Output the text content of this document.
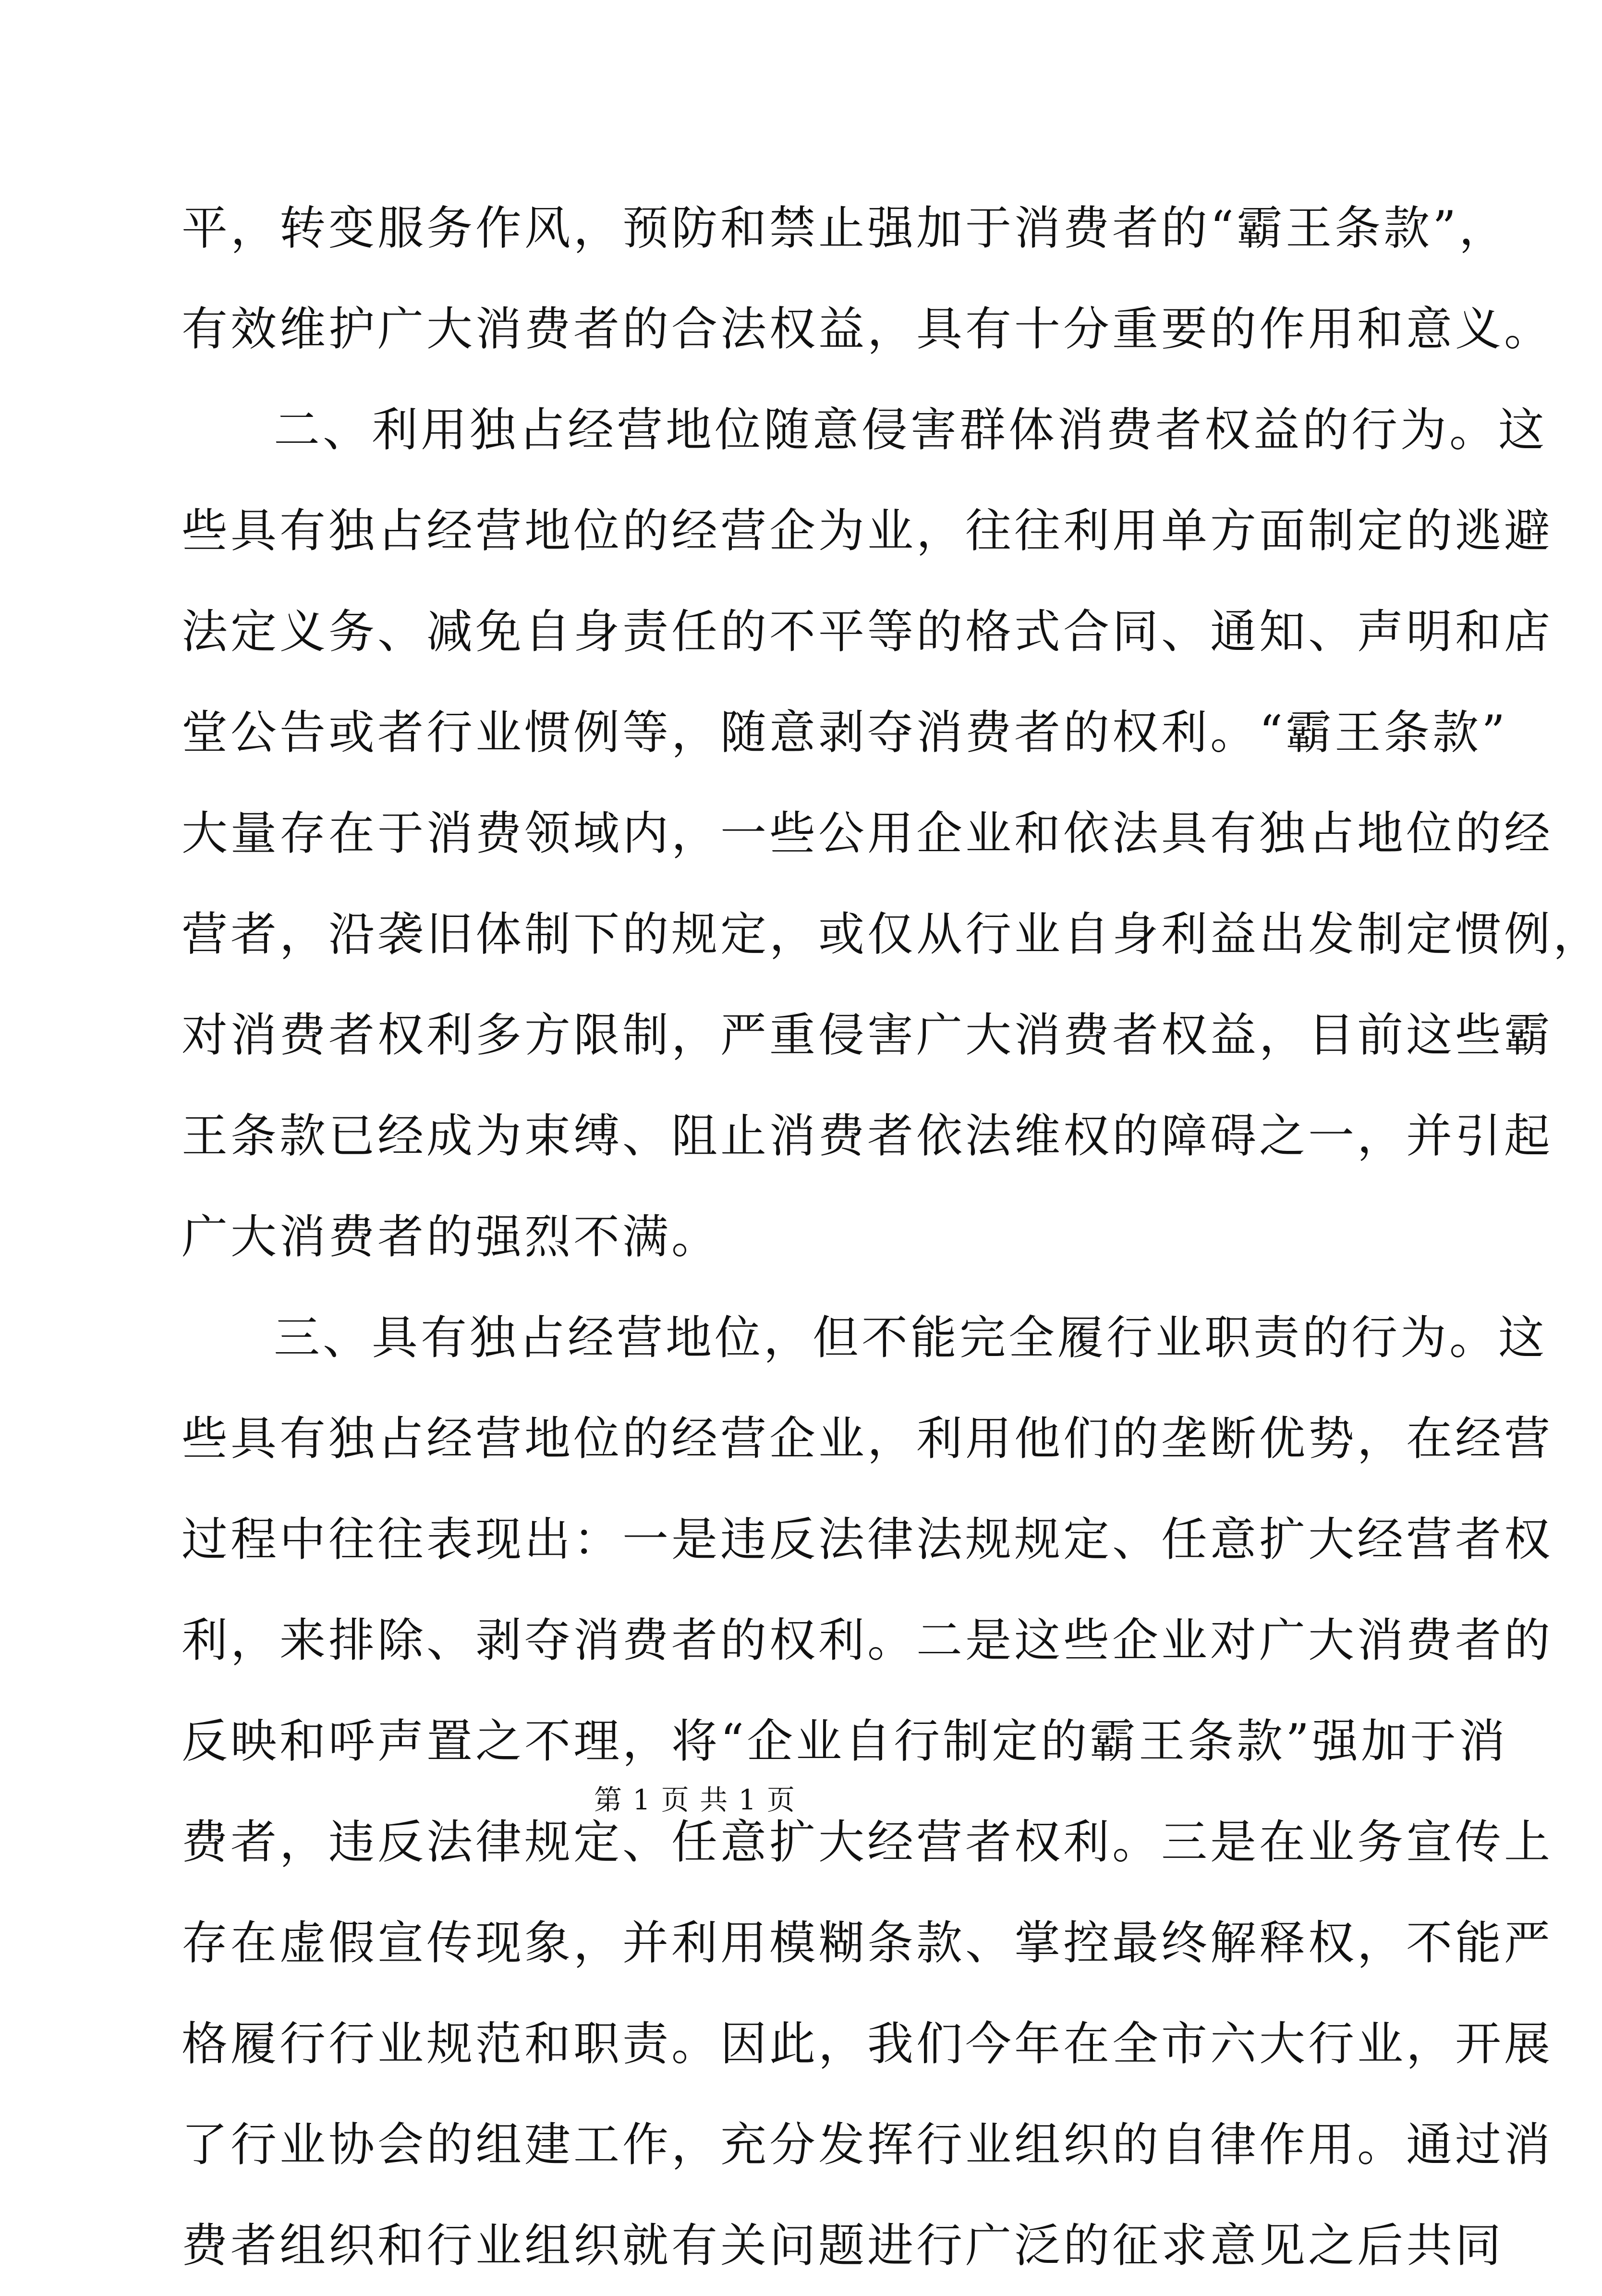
平，转变服务作风，预防和禁止强加于消费者的“霸王条款”，
有效维护广大消费者的合法权益，具有十分重要的作用和意义。
二、利用独占经营地位随意侵害群体消费者权益的行为。这
些具有独占经营地位的经营企为业，往往利用单方面制定的逃避
法定义务、减免自身责任的不平等的格式合同、通知、声明和店
堂公告或者行业惯例等，随意剥夺消费者的权利。“霸王条款”
大量存在于消费领域内，一些公用企业和依法具有独占地位的经
营者，沿袭旧体制下的规定，或仅从行业自身利益出发制定惯例，
对消费者权利多方限制，严重侵害广大消费者权益，目前这些霸
王条款已经成为束缚、阻止消费者依法维权的障碍之一，并引起
广大消费者的强烈不满。
三、具有独占经营地位，但不能完全履行业职责的行为。这
些具有独占经营地位的经营企业，利用他们的垄断优势，在经营
过程中往往表现出：一是违反法律法规规定、任意扩大经营者权
利，来排除、剥夺消费者的权利。二是这些企业对广大消费者的
反映和呼声置之不理，将“企业自行制定的霸王条款”强加于消
费者，违反法律规定、任意扩大经营者权利。三是在业务宣传上
存在虚假宣传现象，并利用模糊条款、掌控最终解释权，不能严
格履行行业规范和职责。因此，我们今年在全市六大行业，开展
了行业协会的组建工作，充分发挥行业组织的自律作用。通过消
费者组织和行业组织就有关问题进行广泛的征求意见之后共同
第 1 页 共 1 页
